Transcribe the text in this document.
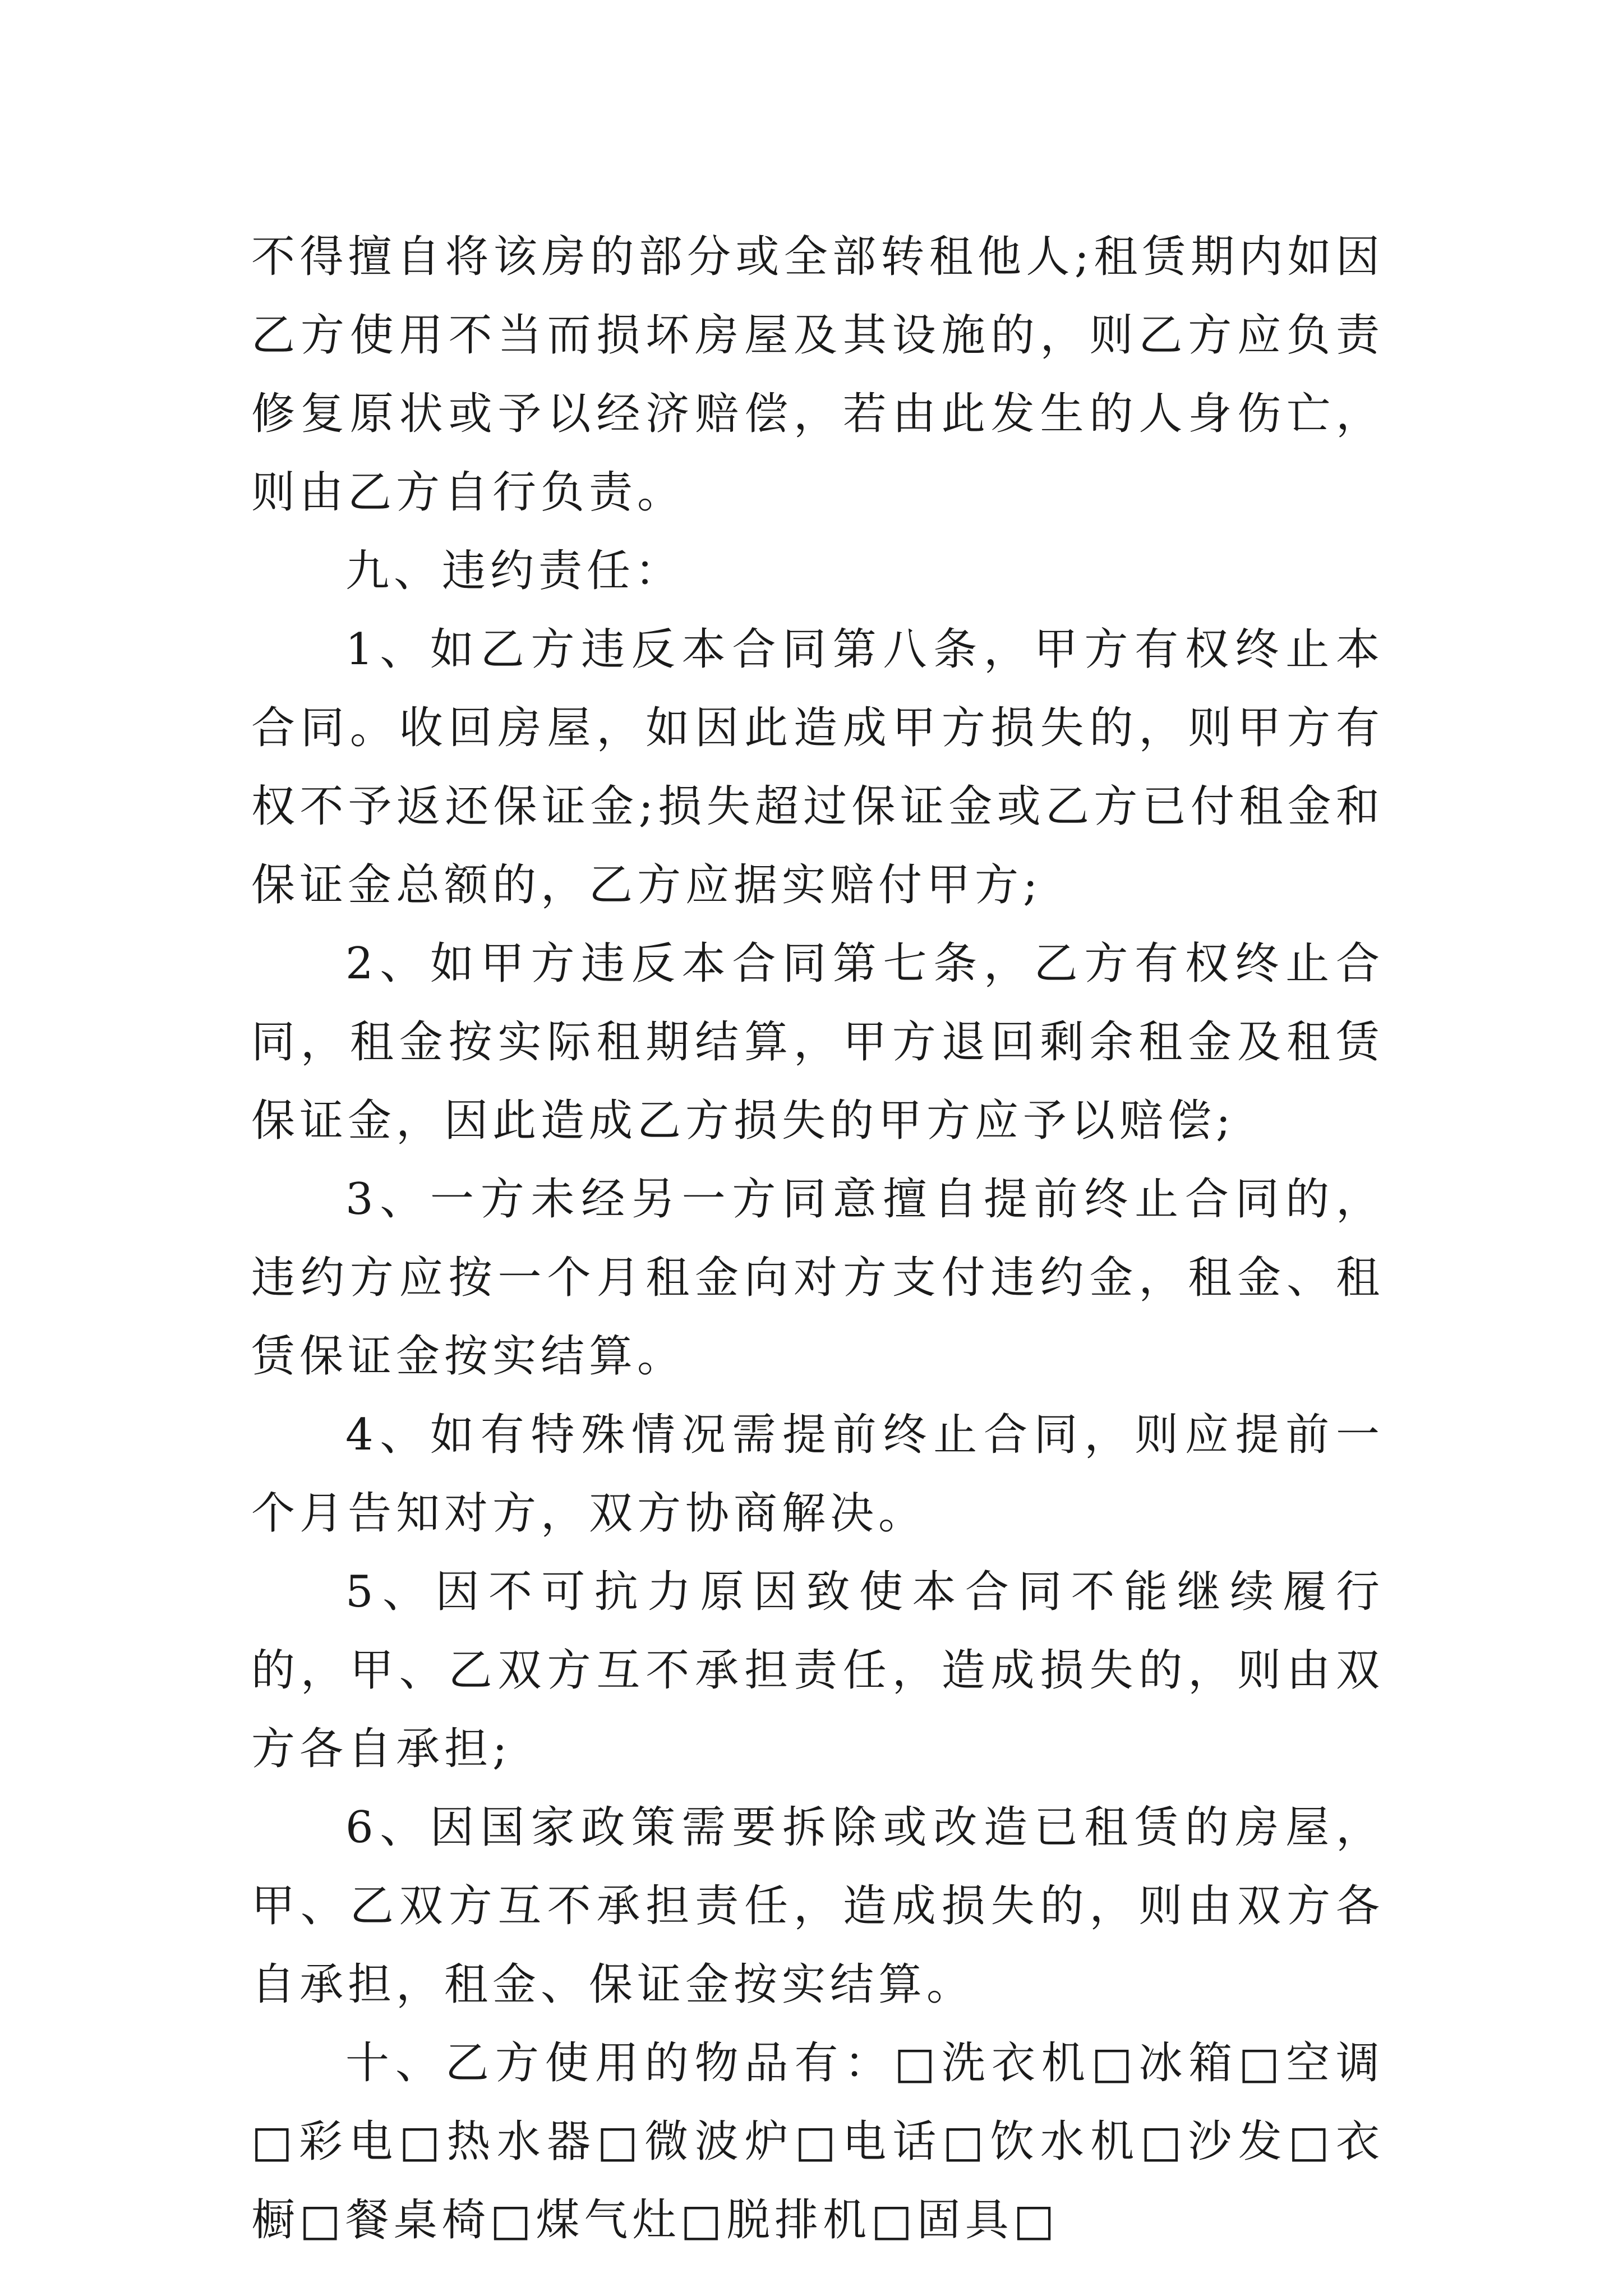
不得擅自将该房的部分或全部转租他人;租赁期内如因乙方使用不当而损坏房屋及其设施的，则乙方应负责修复原状或予以经济赔偿，若由此发生的人身伤亡，则由乙方自行负责。

九、违约责任：

1、如乙方违反本合同第八条，甲方有权终止本合同。收回房屋，如因此造成甲方损失的，则甲方有权不予返还保证金;损失超过保证金或乙方已付租金和保证金总额的，乙方应据实赔付甲方;

2、如甲方违反本合同第七条，乙方有权终止合同，租金按实际租期结算，甲方退回剩余租金及租赁保证金，因此造成乙方损失的甲方应予以赔偿;

3、一方未经另一方同意擅自提前终止合同的，违约方应按一个月租金向对方支付违约金，租金、租赁保证金按实结算。

4、如有特殊情况需提前终止合同，则应提前一个月告知对方，双方协商解决。

5、因不可抗力原因致使本合同不能继续履行的，甲、乙双方互不承担责任，造成损失的，则由双方各自承担;

6、因国家政策需要拆除或改造已租赁的房屋，甲、乙双方互不承担责任，造成损失的，则由双方各自承担，租金、保证金按实结算。

十、乙方使用的物品有：□洗衣机□冰箱□空调□彩电□热水器□微波炉□电话□饮水机□沙发□衣橱□餐桌椅□煤气灶□脱排机□固具□
